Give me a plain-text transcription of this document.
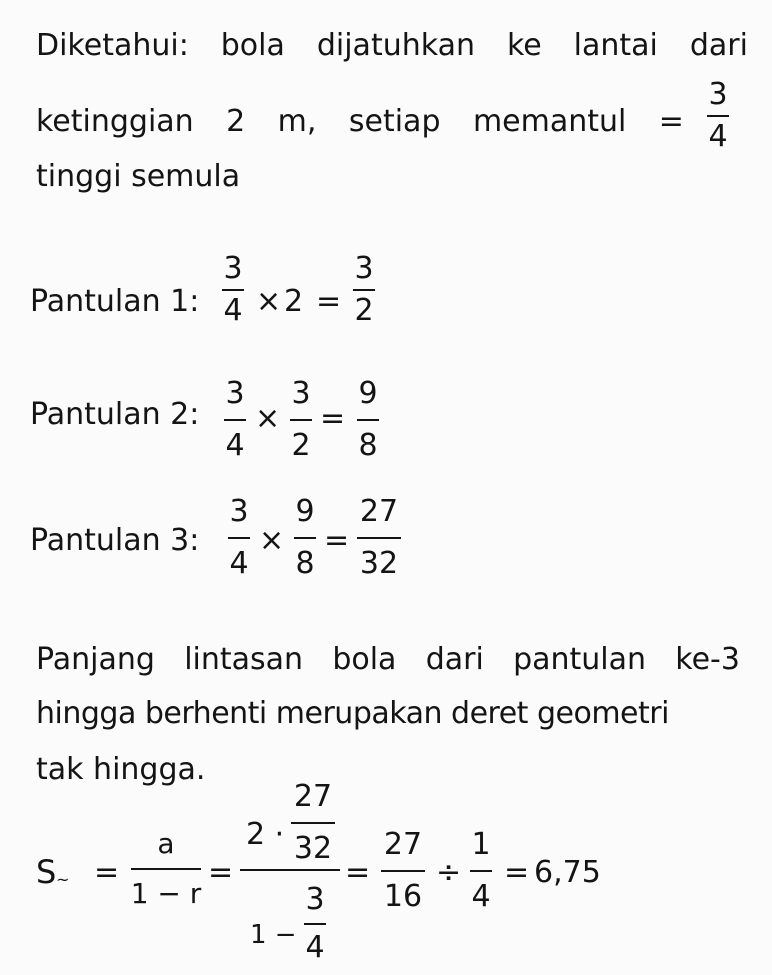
Diketahui: bola dijatuhkan ke lantai dari
ketinggian 2 m, setiap memantul =
3
4
tinggi semula
Pantulan 1:
3
4 × 2 =
3
2
Pantulan 2:
3
4
×
3
2
=
9
8
Pantulan 3:
3
4
×
9
8
=
27
32
Panjang lintasan bola dari pantulan ke-3
hingga berhenti merupakan deret geometri
tak hingga.
S ~ =
a
1 − r
=
2 ·
27
32
1 −
3
4
=
27
16
÷
1
4
= 6,75
